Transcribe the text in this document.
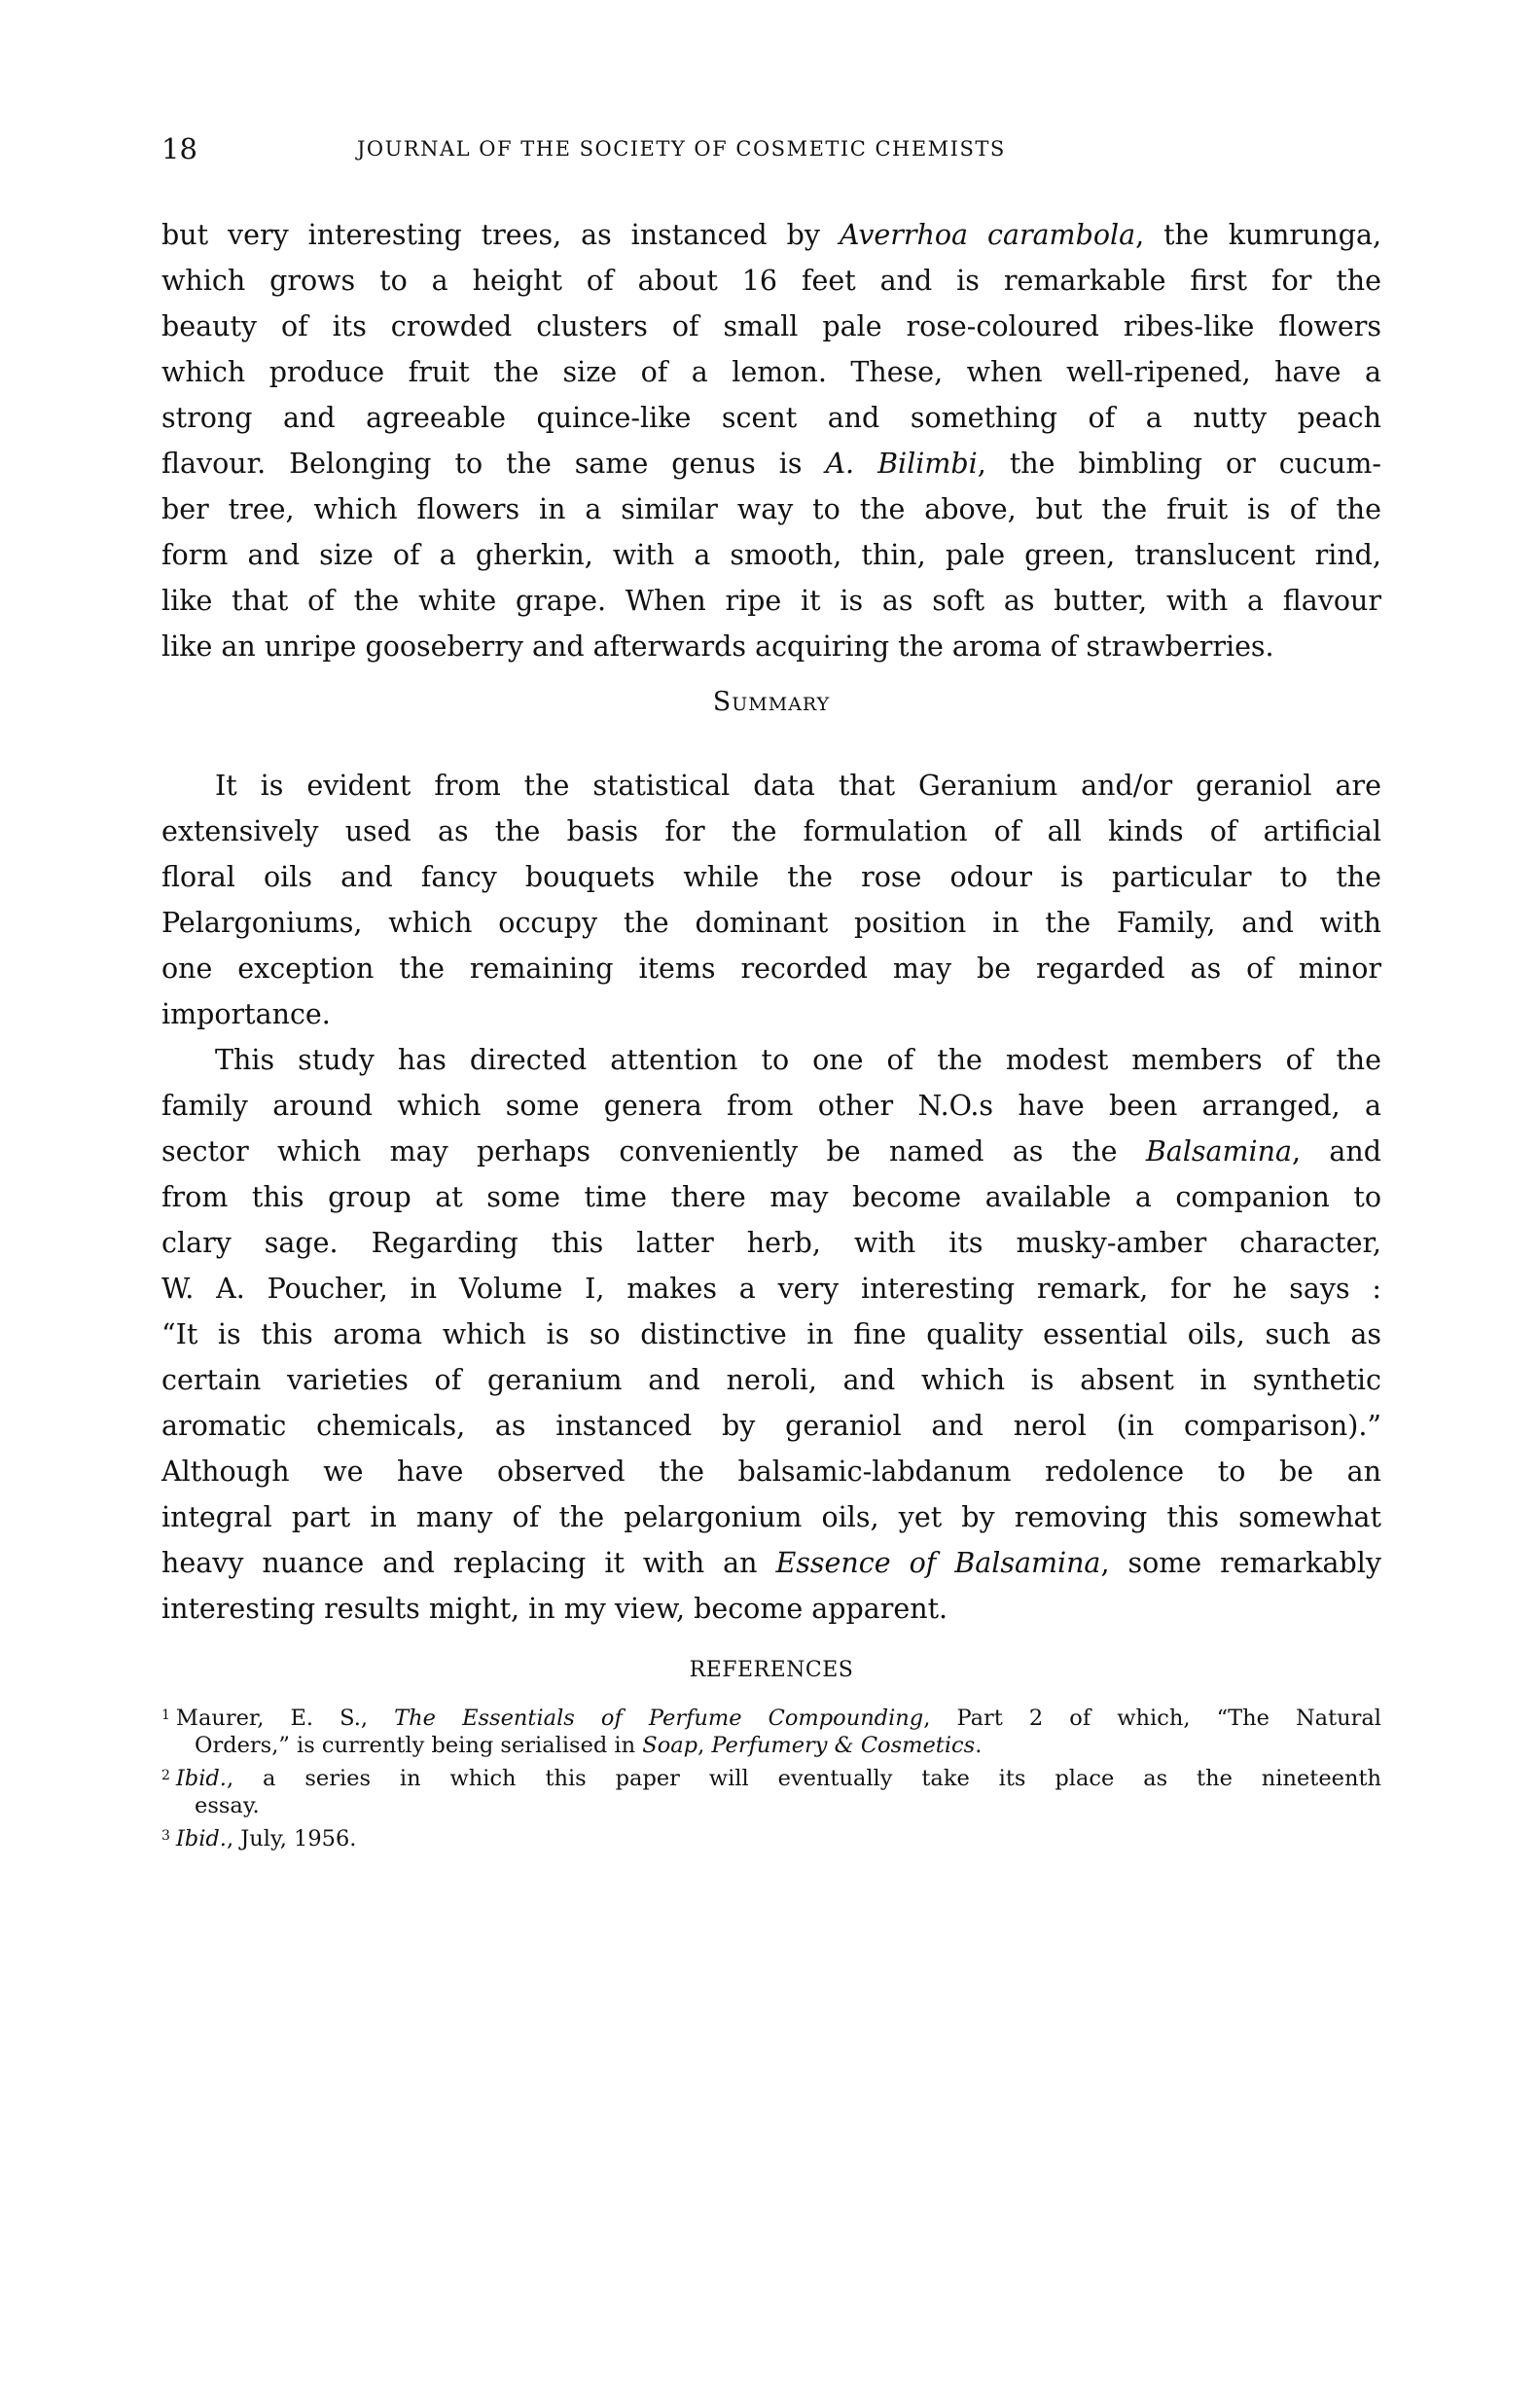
18	JOURNAL OF THE SOCIETY OF COSMETIC CHEMISTS
but very interesting trees, as instanced by Averrhoa carambola, the kumrunga,
which grows to a height of about 16 feet and is remarkable first for the
beauty of its crowded clusters of small pale rose-coloured ribes-like flowers
which produce fruit the size of a lemon. These, when well-ripened, have a
strong and agreeable quince-like scent and something of a nutty peach
flavour. Belonging to the same genus is A. Bilimbi, the bimbling or cucum-
ber tree, which flowers in a similar way to the above, but the fruit is of the
form and size of a gherkin, with a smooth, thin, pale green, translucent rind,
like that of the white grape. When ripe it is as soft as butter, with a flavour
like an unripe gooseberry and afterwards acquiring the aroma of strawberries.
Summary
It is evident from the statistical data that Geranium and/or geraniol are
extensively used as the basis for the formulation of all kinds of artificial
floral oils and fancy bouquets while the rose odour is particular to the
Pelargoniums, which occupy the dominant position in the Family, and with
one exception the remaining items recorded may be regarded as of minor
importance.
This study has directed attention to one of the modest members of the
family around which some genera from other N.O.s have been arranged, a
sector which may perhaps conveniently be named as the Balsamina, and
from this group at some time there may become available a companion to
clary sage. Regarding this latter herb, with its musky-amber character,
W. A. Poucher, in Volume I, makes a very interesting remark, for he says :
“It is this aroma which is so distinctive in fine quality essential oils, such as
certain varieties of geranium and neroli, and which is absent in synthetic
aromatic chemicals, as instanced by geraniol and nerol (in comparison).”
Although we have observed the balsamic-labdanum redolence to be an
integral part in many of the pelargonium oils, yet by removing this somewhat
heavy nuance and replacing it with an Essence of Balsamina, some remarkably
interesting results might, in my view, become apparent.
REFERENCES
$^1$ Maurer, E. S., The Essentials of Perfume Compounding, Part 2 of which, “The Natural
Orders,” is currently being serialised in Soap, Perfumery & Cosmetics.
$^2$ Ibid., a series in which this paper will eventually take its place as the nineteenth
essay.
$^3$ Ibid., July, 1956.
